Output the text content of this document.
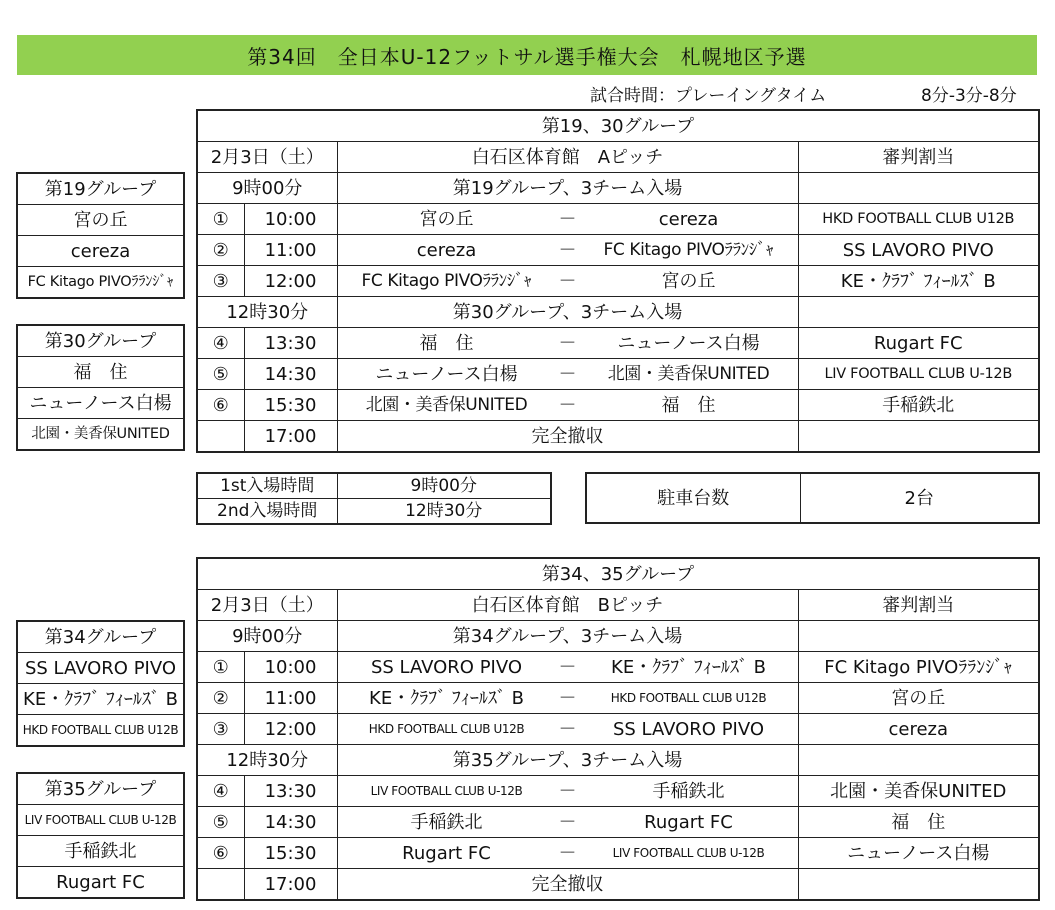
第34回　全日本U-12フットサル選手権大会　札幌地区予選
試合時間：プレーイングタイム	8分-3分-8分
第19、30グループ			
2月3日（土）		白石区体育館　Aピッチ	審判割当
9時00分		第19グループ、3チーム入場	
①	10:00	宮の丘 － cereza	HKD FOOTBALL CLUB U12B
②	11:00	cereza － FC Kitago PIVOﾗﾗﾝｼﾞｬ	SS LAVORO PIVO
③	12:00	FC Kitago PIVOﾗﾗﾝｼﾞｬ － 宮の丘	KE・ｸﾗﾌﾞ ﾌｨｰﾙｽﾞ B
12時30分		第30グループ、3チーム入場	
④	13:30	福　住 － ニューノース白楊	Rugart FC
⑤	14:30	ニューノース白楊 － 北園・美香保UNITED	LIV FOOTBALL CLUB U-12B
⑥	15:30	北園・美香保UNITED － 福　住	手稲鉄北
	17:00	完全撤収	
第19グループ
宮の丘
cereza
FC Kitago PIVOﾗﾗﾝｼﾞｬ
第30グループ
福　住
ニューノース白楊
北園・美香保UNITED
1st入場時間	9時00分
2nd入場時間	12時30分
駐車台数	2台
第34、35グループ			
2月3日（土）		白石区体育館　Bピッチ	審判割当
9時00分		第34グループ、3チーム入場	
①	10:00	SS LAVORO PIVO － KE・ｸﾗﾌﾞ ﾌｨｰﾙｽﾞ B	FC Kitago PIVOﾗﾗﾝｼﾞｬ
②	11:00	KE・ｸﾗﾌﾞ ﾌｨｰﾙｽﾞ B － HKD FOOTBALL CLUB U12B	宮の丘
③	12:00	HKD FOOTBALL CLUB U12B － SS LAVORO PIVO	cereza
12時30分		第35グループ、3チーム入場	
④	13:30	LIV FOOTBALL CLUB U-12B － 手稲鉄北	北園・美香保UNITED
⑤	14:30	手稲鉄北 － Rugart FC	福　住
⑥	15:30	Rugart FC － LIV FOOTBALL CLUB U-12B	ニューノース白楊
	17:00	完全撤収	
第34グループ
SS LAVORO PIVO
KE・ｸﾗﾌﾞ ﾌｨｰﾙｽﾞ B
HKD FOOTBALL CLUB U12B
第35グループ
LIV FOOTBALL CLUB U-12B
手稲鉄北
Rugart FC
